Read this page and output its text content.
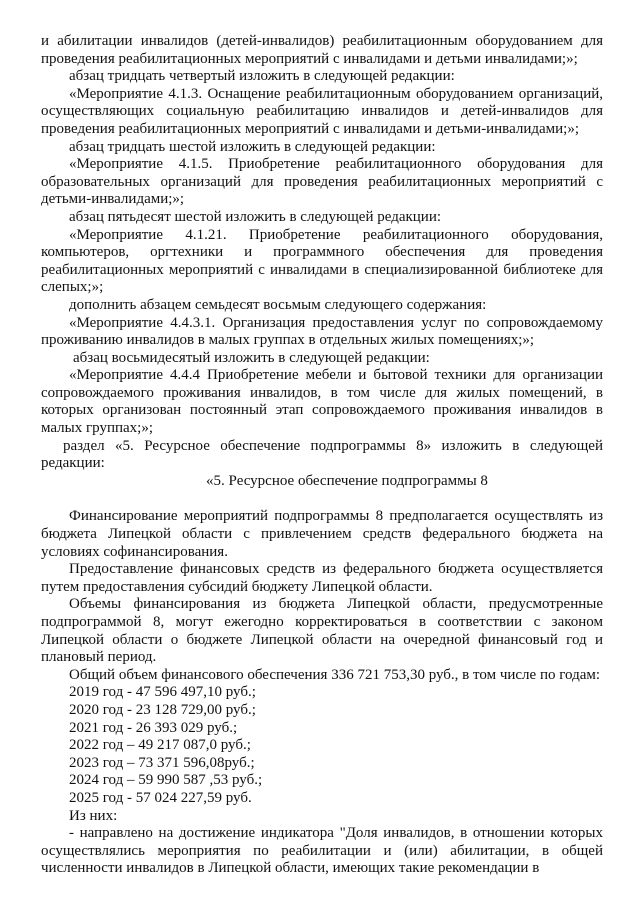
и абилитации инвалидов (детей-инвалидов) реабилитационным оборудованием для проведения реабилитационных мероприятий с инвалидами и детьми инвалидами;»;

абзац тридцать четвертый изложить в следующей редакции:

«Мероприятие 4.1.3. Оснащение реабилитационным оборудованием организаций, осуществляющих социальную реабилитацию инвалидов и детей-инвалидов для проведения реабилитационных мероприятий с инвалидами и детьми-инвалидами;»;

абзац тридцать шестой изложить в следующей редакции:

«Мероприятие 4.1.5. Приобретение реабилитационного оборудования для образовательных организаций для проведения реабилитационных мероприятий с детьми-инвалидами;»;

абзац пятьдесят шестой изложить в следующей редакции:

«Мероприятие 4.1.21. Приобретение реабилитационного оборудования, компьютеров, оргтехники и программного обеспечения для проведения реабилитационных мероприятий с инвалидами в специализированной библиотеке для слепых;»;

дополнить абзацем семьдесят восьмым следующего содержания:

«Мероприятие 4.4.3.1. Организация предоставления услуг по сопровождаемому проживанию инвалидов в малых группах в отдельных жилых помещениях;»;

абзац восьмидесятый изложить в следующей редакции:

«Мероприятие 4.4.4 Приобретение мебели и бытовой техники для организации сопровождаемого проживания инвалидов, в том числе для жилых помещений, в которых организован постоянный этап сопровождаемого проживания инвалидов в малых группах;»;

раздел «5. Ресурсное обеспечение подпрограммы 8» изложить в следующей редакции:

«5. Ресурсное обеспечение подпрограммы 8

Финансирование мероприятий подпрограммы 8 предполагается осуществлять из бюджета Липецкой области с привлечением средств федерального бюджета на условиях софинансирования.

Предоставление финансовых средств из федерального бюджета осуществляется путем предоставления субсидий бюджету Липецкой области.

Объемы финансирования из бюджета Липецкой области, предусмотренные подпрограммой 8, могут ежегодно корректироваться в соответствии с законом Липецкой области о бюджете Липецкой области на очередной финансовый год и плановый период.

Общий объем финансового обеспечения 336 721 753,30 руб., в том числе по годам:

2019 год - 47 596 497,10 руб.;

2020 год - 23 128 729,00 руб.;

2021 год - 26 393 029 руб.;

2022 год – 49 217 087,0 руб.;

2023 год – 73 371 596,08руб.;

2024 год – 59 990 587 ,53 руб.;

2025 год - 57 024 227,59 руб.

Из них:

- направлено на достижение индикатора "Доля инвалидов, в отношении которых осуществлялись мероприятия по реабилитации и (или) абилитации, в общей численности инвалидов в Липецкой области, имеющих такие рекомендации в
